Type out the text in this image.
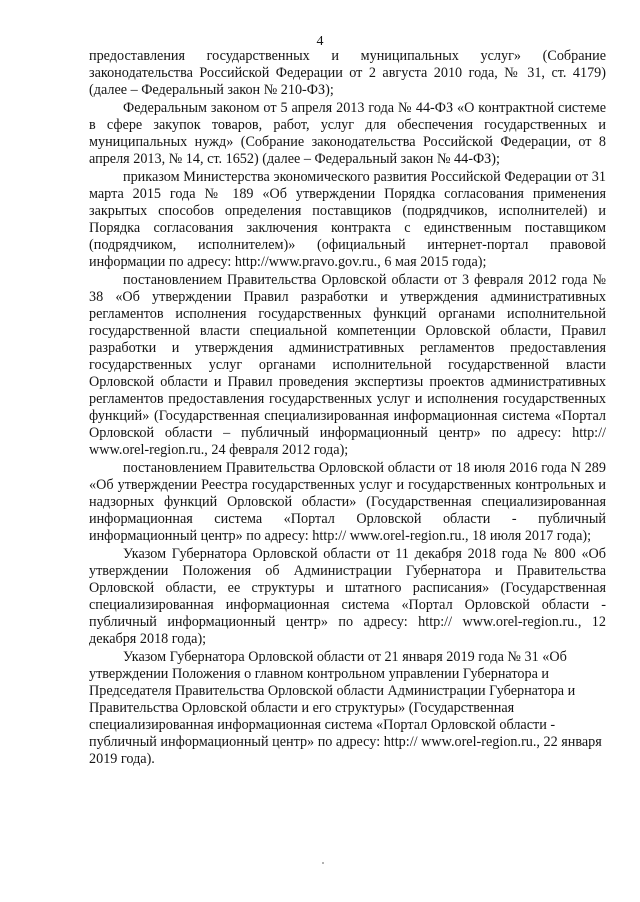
4

предоставления государственных и муниципальных услуг» (Собрание законодательства Российской Федерации от 2 августа 2010 года, № 31, ст. 4179) (далее – Федеральный закон № 210-ФЗ);

Федеральным законом от 5 апреля 2013 года № 44-ФЗ «О контрактной системе в сфере закупок товаров, работ, услуг для обеспечения государственных и муниципальных нужд» (Собрание законодательства Российской Федерации, от 8 апреля 2013, № 14, ст. 1652) (далее – Федеральный закон № 44-ФЗ);

приказом Министерства экономического развития Российской Федерации от 31 марта 2015 года № 189 «Об утверждении Порядка согласования применения закрытых способов определения поставщиков (подрядчиков, исполнителей) и Порядка согласования заключения контракта с единственным поставщиком (подрядчиком, исполнителем)» (официальный интернет-портал правовой информации по адресу: http://www.pravo.gov.ru., 6 мая 2015 года);

постановлением Правительства Орловской области от 3 февраля 2012 года № 38 «Об утверждении Правил разработки и утверждения административных регламентов исполнения государственных функций органами исполнительной государственной власти специальной компетенции Орловской области, Правил разработки и утверждения административных регламентов предоставления государственных услуг органами исполнительной государственной власти Орловской области и Правил проведения экспертизы проектов административных регламентов предоставления государственных услуг и исполнения государственных функций» (Государственная специализированная информационная система «Портал Орловской области – публичный информационный центр» по адресу: http:// www.orel-region.ru., 24 февраля 2012 года);

постановлением Правительства Орловской области от 18 июля 2016 года N 289 «Об утверждении Реестра государственных услуг и государственных контрольных и надзорных функций Орловской области» (Государственная специализированная информационная система «Портал Орловской области - публичный информационный центр» по адресу: http:// www.orel-region.ru., 18 июля 2017 года);

Указом Губернатора Орловской области от 11 декабря 2018 года № 800 «Об утверждении Положения об Администрации Губернатора и Правительства Орловской области, ее структуры и штатного расписания» (Государственная специализированная информационная система «Портал Орловской области - публичный информационный центр» по адресу: http:// www.orel-region.ru., 12 декабря 2018 года);

Указом Губернатора Орловской области от 21 января 2019 года № 31 «Об утверждении Положения о главном контрольном управлении Губернатора и Председателя Правительства Орловской области Администрации Губернатора и Правительства Орловской области и его структуры» (Государственная специализированная информационная система «Портал Орловской области - публичный информационный центр» по адресу: http:// www.orel-region.ru., 22 января 2019 года).
